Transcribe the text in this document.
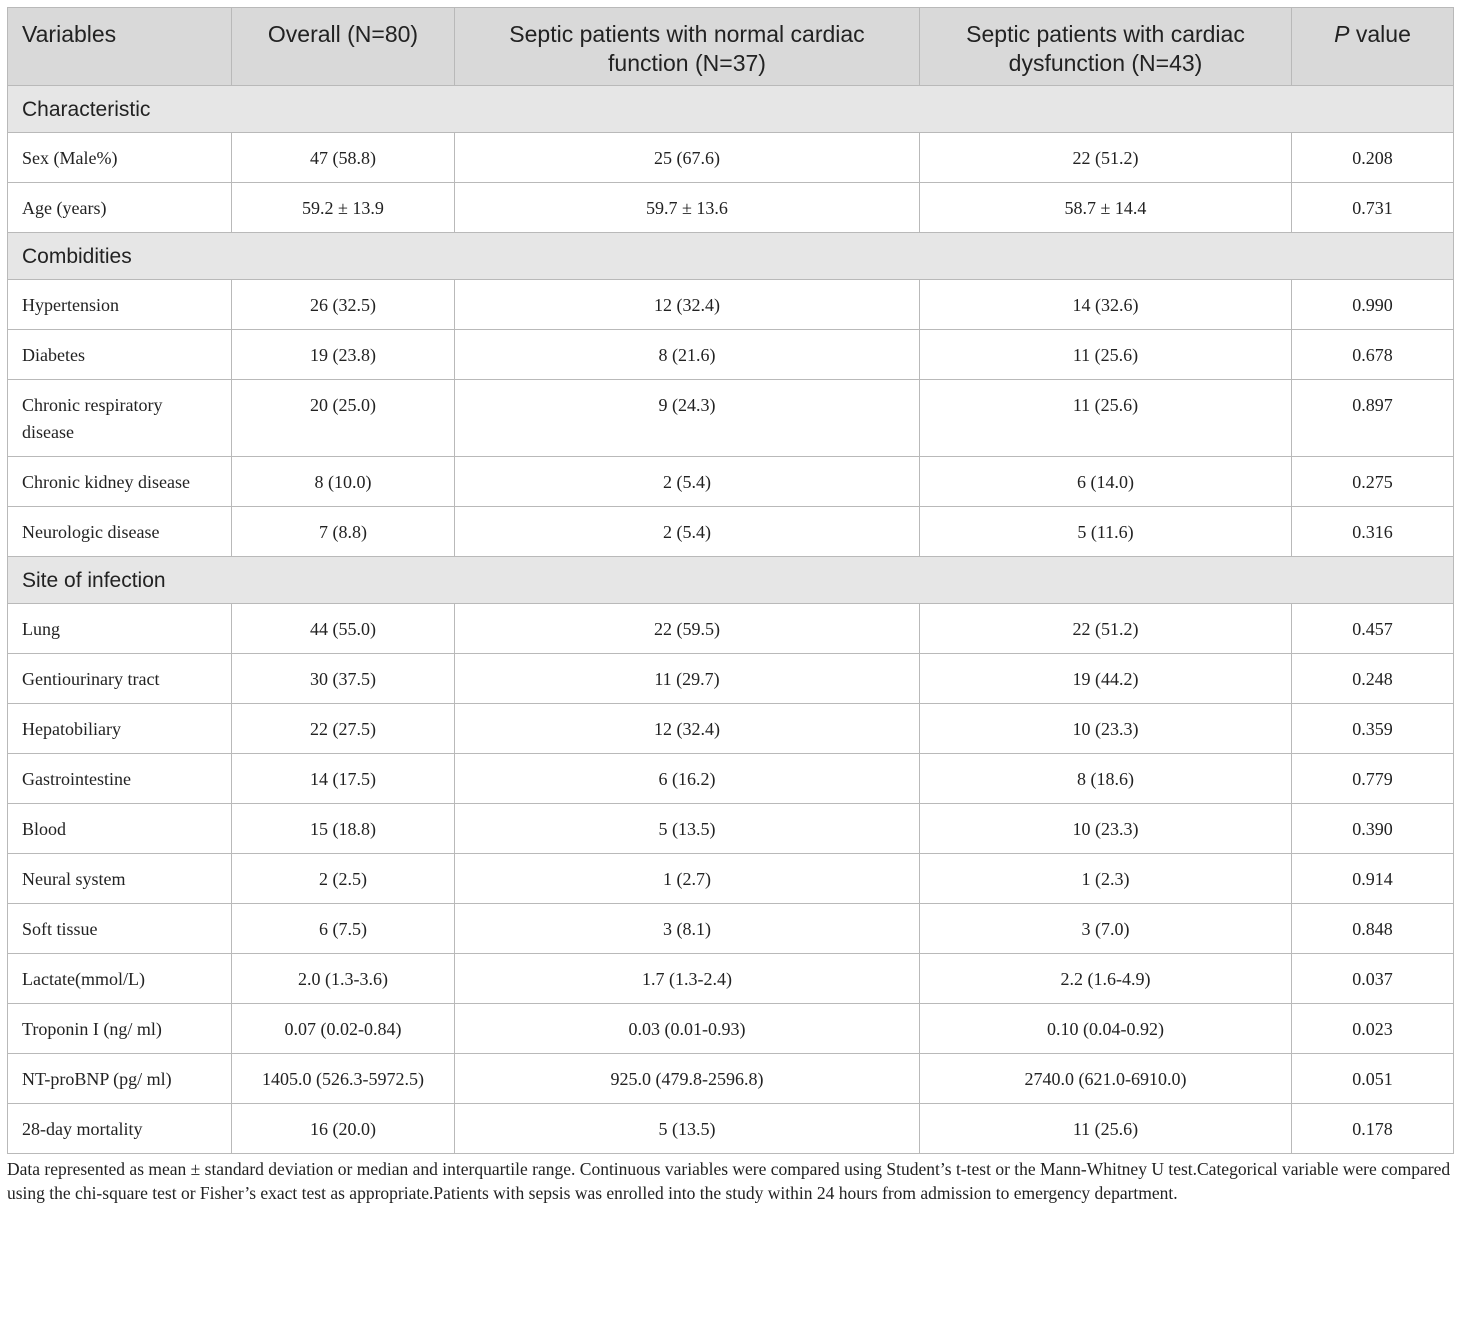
Variables	Overall (N=80)	Septic patients with normal cardiac function (N=37)	Septic patients with cardiac dysfunction (N=43)	P value
Characteristic				
Sex (Male%)	47 (58.8)	25 (67.6)	22 (51.2)	0.208
Age (years)	59.2 ± 13.9	59.7 ± 13.6	58.7 ± 14.4	0.731
Combidities				
Hypertension	26 (32.5)	12 (32.4)	14 (32.6)	0.990
Diabetes	19 (23.8)	8 (21.6)	11 (25.6)	0.678
Chronic respiratory disease	20 (25.0)	9 (24.3)	11 (25.6)	0.897
Chronic kidney disease	8 (10.0)	2 (5.4)	6 (14.0)	0.275
Neurologic disease	7 (8.8)	2 (5.4)	5 (11.6)	0.316
Site of infection				
Lung	44 (55.0)	22 (59.5)	22 (51.2)	0.457
Gentiourinary tract	30 (37.5)	11 (29.7)	19 (44.2)	0.248
Hepatobiliary	22 (27.5)	12 (32.4)	10 (23.3)	0.359
Gastrointestine	14 (17.5)	6 (16.2)	8 (18.6)	0.779
Blood	15 (18.8)	5 (13.5)	10 (23.3)	0.390
Neural system	2 (2.5)	1 (2.7)	1 (2.3)	0.914
Soft tissue	6 (7.5)	3 (8.1)	3 (7.0)	0.848
Lactate(mmol/L)	2.0 (1.3-3.6)	1.7 (1.3-2.4)	2.2 (1.6-4.9)	0.037
Troponin I (ng/ ml)	0.07 (0.02-0.84)	0.03 (0.01-0.93)	0.10 (0.04-0.92)	0.023
NT-proBNP (pg/ ml)	1405.0 (526.3-5972.5)	925.0 (479.8-2596.8)	2740.0 (621.0-6910.0)	0.051
28-day mortality	16 (20.0)	5 (13.5)	11 (25.6)	0.178
Data represented as mean ± standard deviation or median and interquartile range. Continuous variables were compared using Student’s t-test or the Mann-Whitney U test.Categorical variable were compared using the chi-square test or Fisher’s exact test as appropriate.Patients with sepsis was enrolled into the study within 24 hours from admission to emergency department.
